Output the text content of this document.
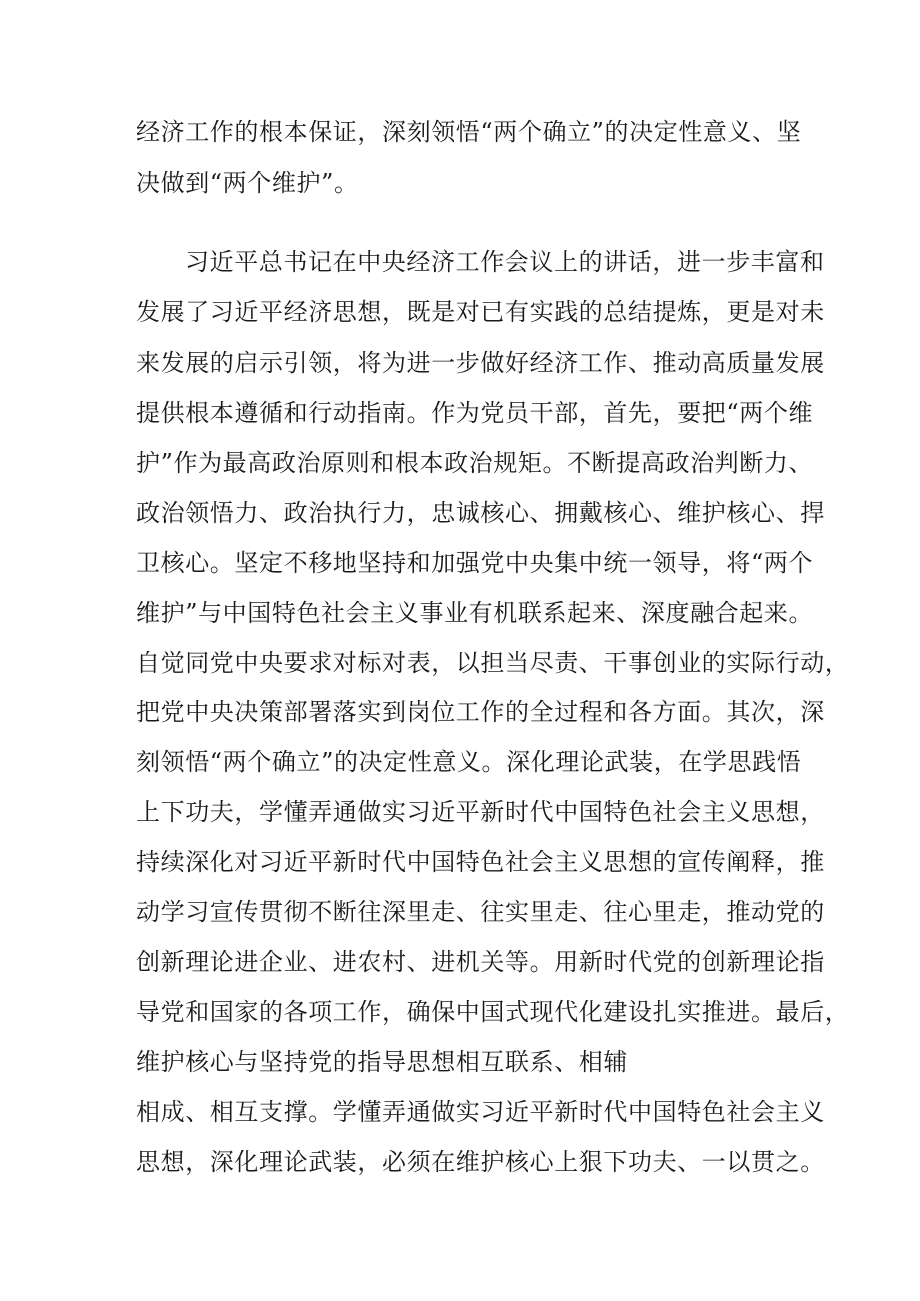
经济工作的根本保证，深刻领悟“两个确立”的决定性意义、坚
决做到“两个维护”。
习近平总书记在中央经济工作会议上的讲话，进一步丰富和
发展了习近平经济思想，既是对已有实践的总结提炼，更是对未
来发展的启示引领，将为进一步做好经济工作、推动高质量发展
提供根本遵循和行动指南。作为党员干部，首先，要把“两个维
护”作为最高政治原则和根本政治规矩。不断提高政治判断力、
政治领悟力、政治执行力，忠诚核心、拥戴核心、维护核心、捍
卫核心。坚定不移地坚持和加强党中央集中统一领导，将“两个
维护”与中国特色社会主义事业有机联系起来、深度融合起来。
自觉同党中央要求对标对表，以担当尽责、干事创业的实际行动，
把党中央决策部署落实到岗位工作的全过程和各方面。其次，深
刻领悟“两个确立”的决定性意义。深化理论武装，在学思践悟
上下功夫，学懂弄通做实习近平新时代中国特色社会主义思想，
持续深化对习近平新时代中国特色社会主义思想的宣传阐释，推
动学习宣传贯彻不断往深里走、往实里走、往心里走，推动党的
创新理论进企业、进农村、进机关等。用新时代党的创新理论指
导党和国家的各项工作，确保中国式现代化建设扎实推进。最后，
维护核心与坚持党的指导思想相互联系、相辅
相成、相互支撑。学懂弄通做实习近平新时代中国特色社会主义
思想，深化理论武装，必须在维护核心上狠下功夫、一以贯之。
